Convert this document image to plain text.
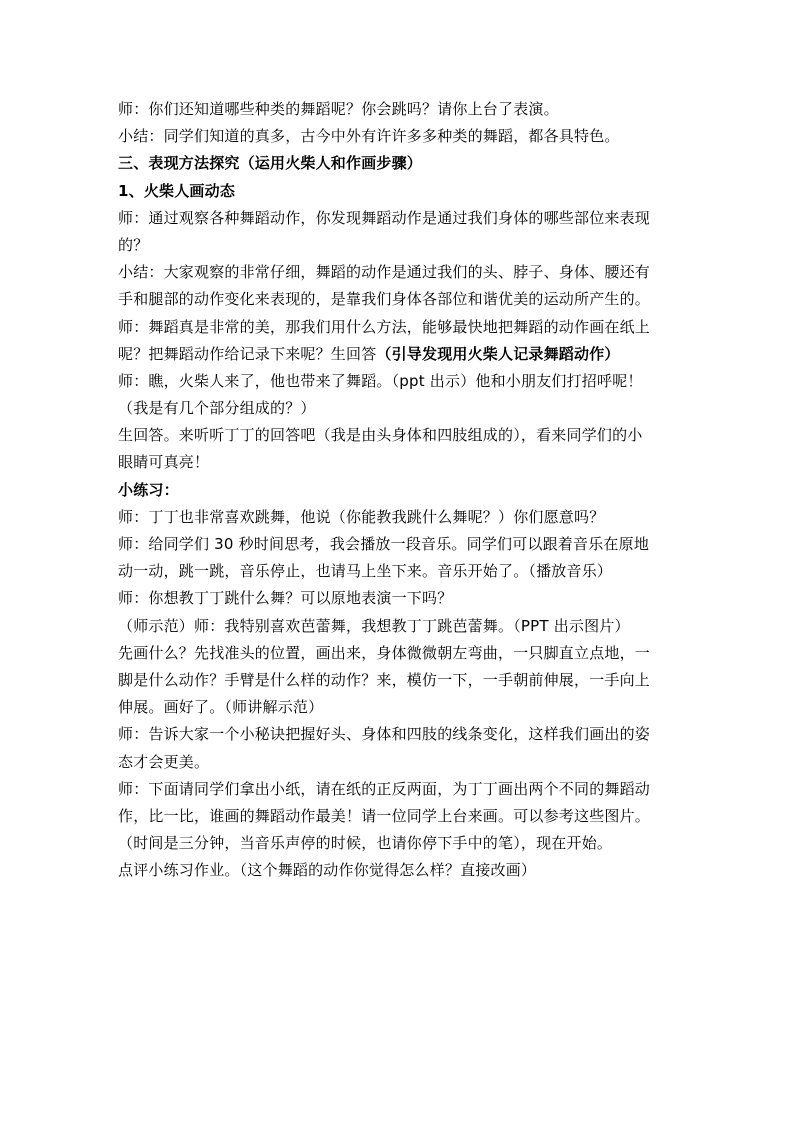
师：你们还知道哪些种类的舞蹈呢？你会跳吗？请你上台了表演。
小结：同学们知道的真多，古今中外有许许多多种类的舞蹈，都各具特色。
三、表现方法探究（运用火柴人和作画步骤）
1、火柴人画动态
师：通过观察各种舞蹈动作，你发现舞蹈动作是通过我们身体的哪些部位来表现
的？
小结：大家观察的非常仔细，舞蹈的动作是通过我们的头、脖子、身体、腰还有
手和腿部的动作变化来表现的，是靠我们身体各部位和谐优美的运动所产生的。
师：舞蹈真是非常的美，那我们用什么方法，能够最快地把舞蹈的动作画在纸上
呢？把舞蹈动作给记录下来呢？生回答（引导发现用火柴人记录舞蹈动作）
师：瞧，火柴人来了，他也带来了舞蹈。（ppt 出示）他和小朋友们打招呼呢！
（我是有几个部分组成的？）
生回答。来听听丁丁的回答吧（我是由头身体和四肢组成的），看来同学们的小
眼睛可真亮！
小练习：
师：丁丁也非常喜欢跳舞，他说（你能教我跳什么舞呢？）你们愿意吗？
师：给同学们 30 秒时间思考，我会播放一段音乐。同学们可以跟着音乐在原地
动一动，跳一跳，音乐停止，也请马上坐下来。音乐开始了。（播放音乐）
师：你想教丁丁跳什么舞？可以原地表演一下吗？
（师示范）师：我特别喜欢芭蕾舞，我想教丁丁跳芭蕾舞。（PPT 出示图片）
先画什么？先找准头的位置，画出来，身体微微朝左弯曲，一只脚直立点地，一
脚是什么动作？手臂是什么样的动作？来，模仿一下，一手朝前伸展，一手向上
伸展。画好了。（师讲解示范）
师：告诉大家一个小秘诀把握好头、身体和四肢的线条变化，这样我们画出的姿
态才会更美。
师：下面请同学们拿出小纸，请在纸的正反两面，为丁丁画出两个不同的舞蹈动
作，比一比，谁画的舞蹈动作最美！请一位同学上台来画。可以参考这些图片。
（时间是三分钟，当音乐声停的时候，也请你停下手中的笔），现在开始。
点评小练习作业。（这个舞蹈的动作你觉得怎么样？直接改画）
